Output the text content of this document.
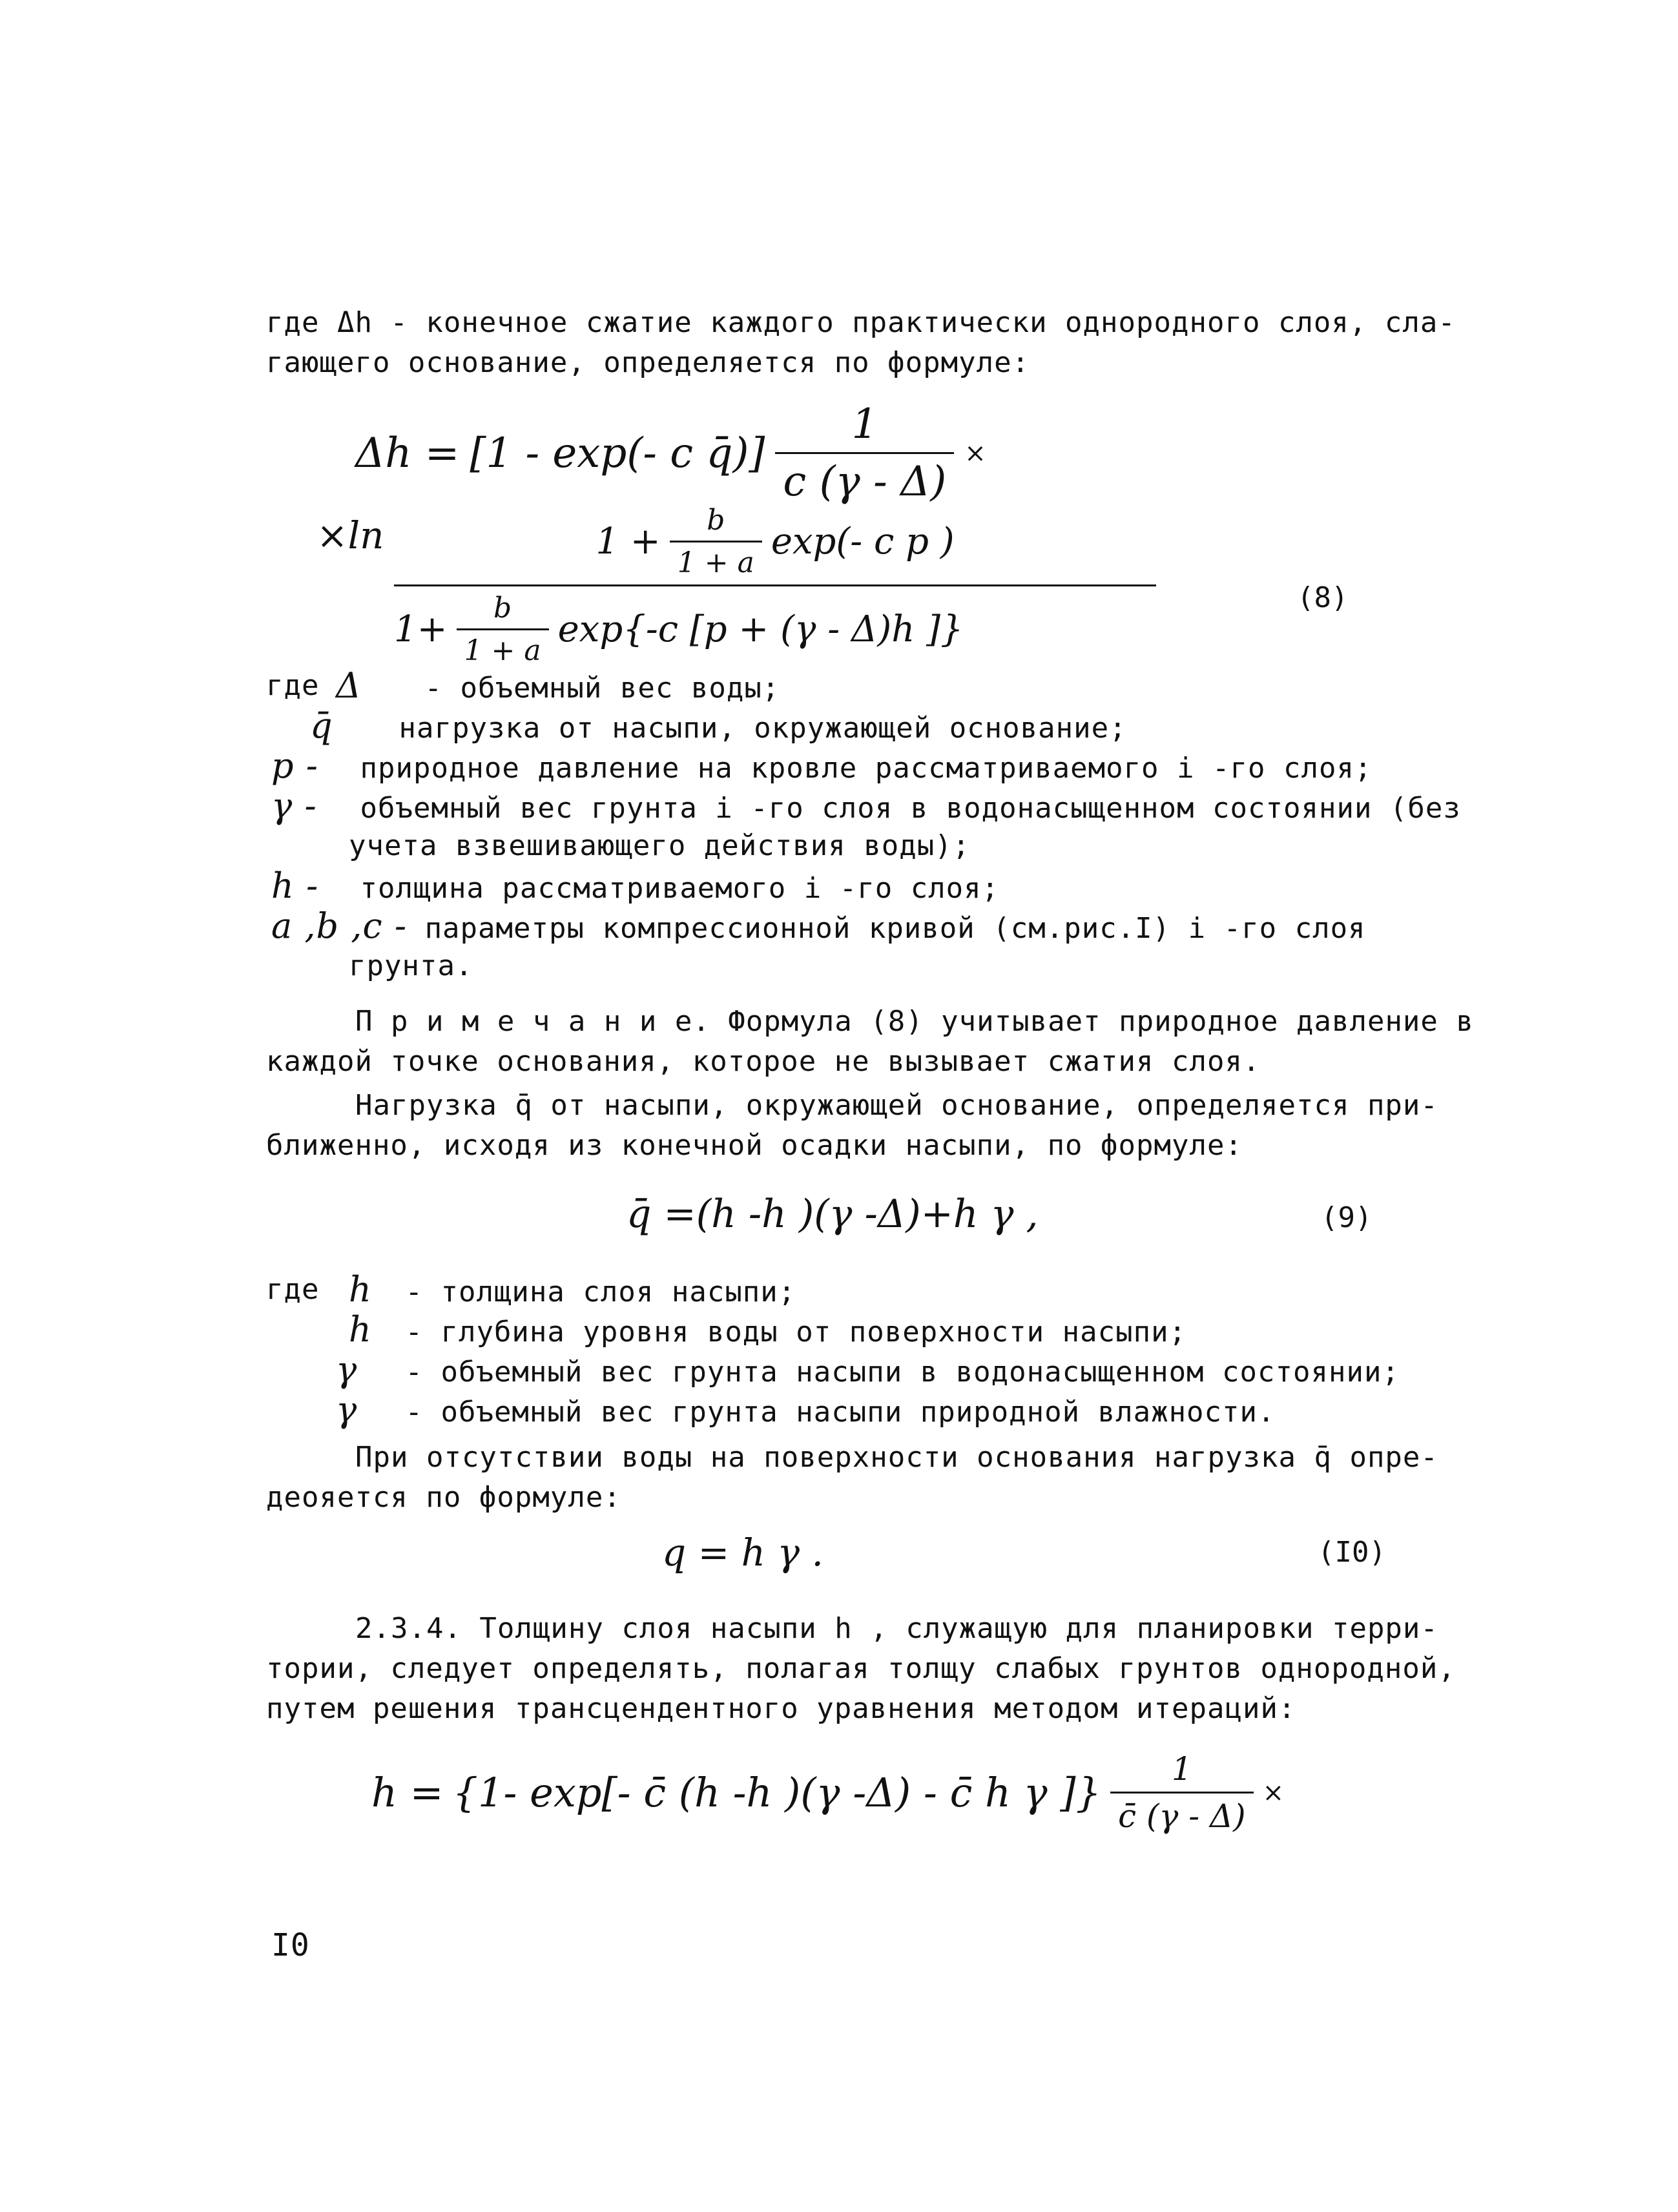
где Δh - конечное сжатие каждого практически однородного слоя, сла-
гающего основание, определяется по формуле:
Δh = [1 - exp(- c q̄)] $\frac{1}{c (\gamma - \Delta)}$ ×
×ln	$1 + \frac{b}{1 + a} \exp(-$ c p )
$1+ \frac{b}{1 + a} \exp\{-c$ [p + (γ - Δ)h ]}
(8)
где Δ - объемный вес воды;
q̄ нагрузка от насыпи, окружающей основание;
p - природное давление на кровле рассматриваемого i -го слоя;
γ - объемный вес грунта i -го слоя в водонасыщенном состоянии (без
учета взвешивающего действия воды);
h - толщина рассматриваемого i -го слоя;
a ,b ,c - параметры компрессионной кривой (см.рис.I) i -го слоя
грунта.
П р и м е ч а н и е. Формула (8) учитывает природное давление в
каждой точке основания, которое не вызывает сжатия слоя.
Нагрузка q̄ от насыпи, окружающей основание, определяется при-
ближенно, исходя из конечной осадки насыпи, по формуле:
q̄ =(h -h )(γ -Δ)+h γ ,	(9)
где h - толщина слоя насыпи;
h - глубина уровня воды от поверхности насыпи;
γ - объемный вес грунта насыпи в водонасыщенном состоянии;
γ - объемный вес грунта насыпи природной влажности.
При отсутствии воды на поверхности основания нагрузка q̄ опре-
деояется по формуле:
q = h γ .	(I0)
2.3.4. Толщину слоя насыпи h , служащую для планировки терри-
тории, следует определять, полагая толщу слабых грунтов однородной,
путем решения трансцендентного уравнения методом итераций:
h = {1- exp[- c̄ (h -h )(γ -Δ) - c̄ h γ ]} $\frac{1}{c̄ (\gamma - \Delta)}$ ×
I0
